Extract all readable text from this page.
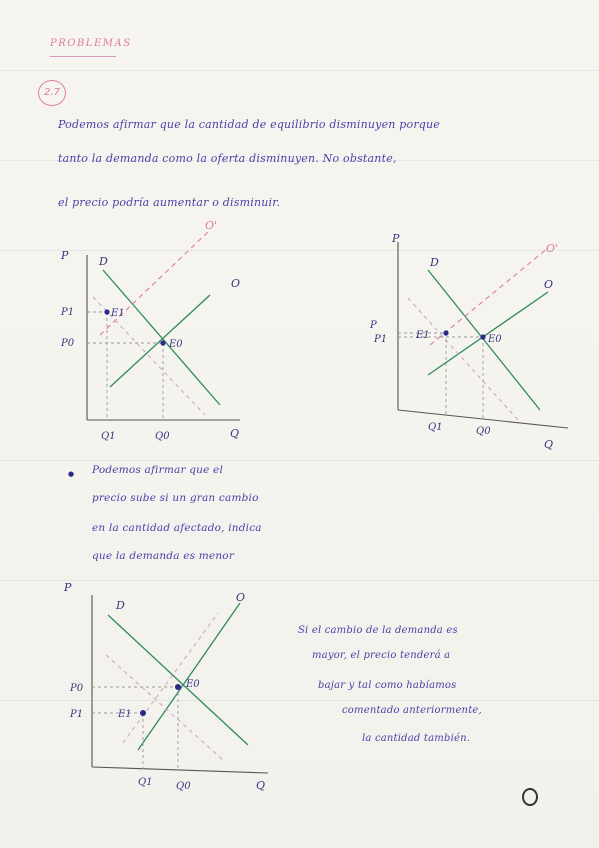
PROBLEMAS
2.7
Podemos afirmar que la cantidad de equilibrio disminuyen porque
tanto la demanda como la oferta disminuyen. No obstante,
el precio podría aumentar o disminuir.
P
Q
D
O
O'
P1
P0
E1
E0
Q1	Q0
P
Q
D
O
O'
P
P1	E1	E0
Q1	Q0
● Podemos afirmar que el
precio sube si un gran cambio
en la cantidad afectado, indica
que la demanda es menor
P
Q
D
O
P0
P1
E0
E1
Q1 Q0
Si el cambio de la demanda es
mayor, el precio tenderá a
bajar y tal como habíamos
comentado anteriormente,
la cantidad también.
